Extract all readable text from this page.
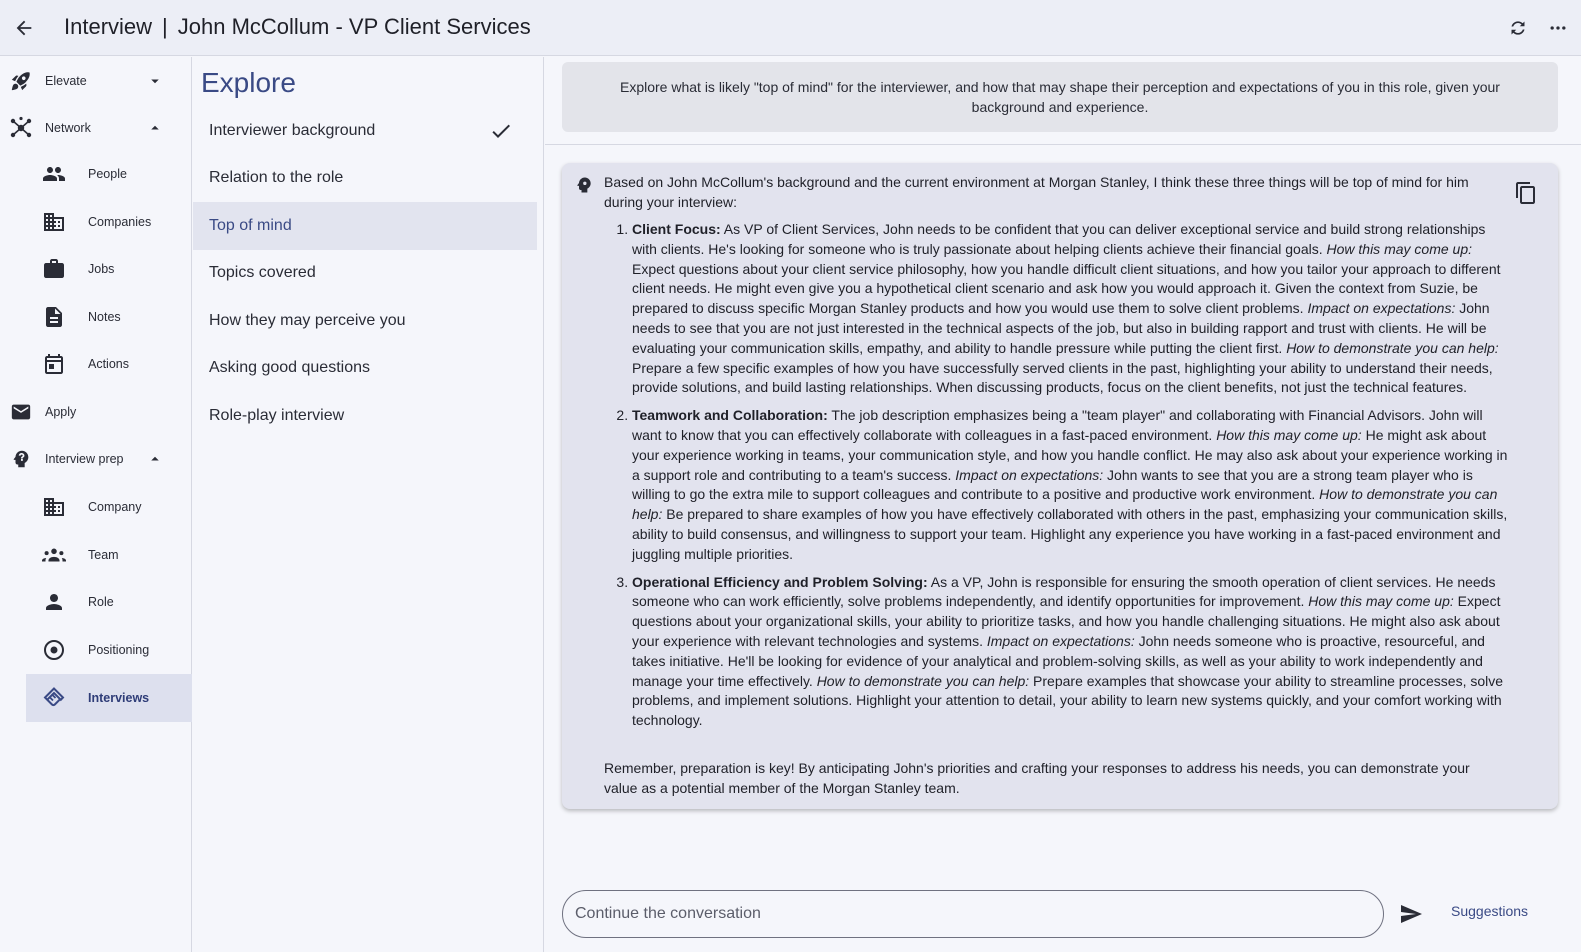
Interview | John McCollum - VP Client Services
Elevate
Network
People
Companies
Jobs
Notes
Actions
Apply
Interview prep
Company
Team
Role
Positioning
Interviews
Explore
Interviewer background
Relation to the role
Top of mind
Topics covered
How they may perceive you
Asking good questions
Role-play interview
Explore what is likely "top of mind" for the interviewer, and how that may shape their perception and expectations of you in this role, given your background and experience.
Based on John McCollum's background and the current environment at Morgan Stanley, I think these three things will be top of mind for him during your interview:
1. Client Focus: As VP of Client Services, John needs to be confident that you can deliver exceptional service and build strong relationships with clients. He's looking for someone who is truly passionate about helping clients achieve their financial goals. How this may come up: Expect questions about your client service philosophy, how you handle difficult client situations, and how you tailor your approach to different client needs. He might even give you a hypothetical client scenario and ask how you would approach it. Given the context from Suzie, be prepared to discuss specific Morgan Stanley products and how you would use them to solve client problems. Impact on expectations: John needs to see that you are not just interested in the technical aspects of the job, but also in building rapport and trust with clients. He will be evaluating your communication skills, empathy, and ability to handle pressure while putting the client first. How to demonstrate you can help: Prepare a few specific examples of how you have successfully served clients in the past, highlighting your ability to understand their needs, provide solutions, and build lasting relationships. When discussing products, focus on the client benefits, not just the technical features.
2. Teamwork and Collaboration: The job description emphasizes being a "team player" and collaborating with Financial Advisors. John will want to know that you can effectively collaborate with colleagues in a fast-paced environment. How this may come up: He might ask about your experience working in teams, your communication style, and how you handle conflict. He may also ask about your experience working in a support role and contributing to a team's success. Impact on expectations: John wants to see that you are a strong team player who is willing to go the extra mile to support colleagues and contribute to a positive and productive work environment. How to demonstrate you can help: Be prepared to share examples of how you have effectively collaborated with others in the past, emphasizing your communication skills, ability to build consensus, and willingness to support your team. Highlight any experience you have working in a fast-paced environment and juggling multiple priorities.
3. Operational Efficiency and Problem Solving: As a VP, John is responsible for ensuring the smooth operation of client services. He needs someone who can work efficiently, solve problems independently, and identify opportunities for improvement. How this may come up: Expect questions about your organizational skills, your ability to prioritize tasks, and how you handle challenging situations. He might also ask about your experience with relevant technologies and systems. Impact on expectations: John needs someone who is proactive, resourceful, and takes initiative. He'll be looking for evidence of your analytical and problem-solving skills, as well as your ability to work independently and manage your time effectively. How to demonstrate you can help: Prepare examples that showcase your ability to streamline processes, solve problems, and implement solutions. Highlight your attention to detail, your ability to learn new systems quickly, and your comfort working with technology.
Remember, preparation is key! By anticipating John's priorities and crafting your responses to address his needs, you can demonstrate your value as a potential member of the Morgan Stanley team.
Continue the conversation
Suggestions
